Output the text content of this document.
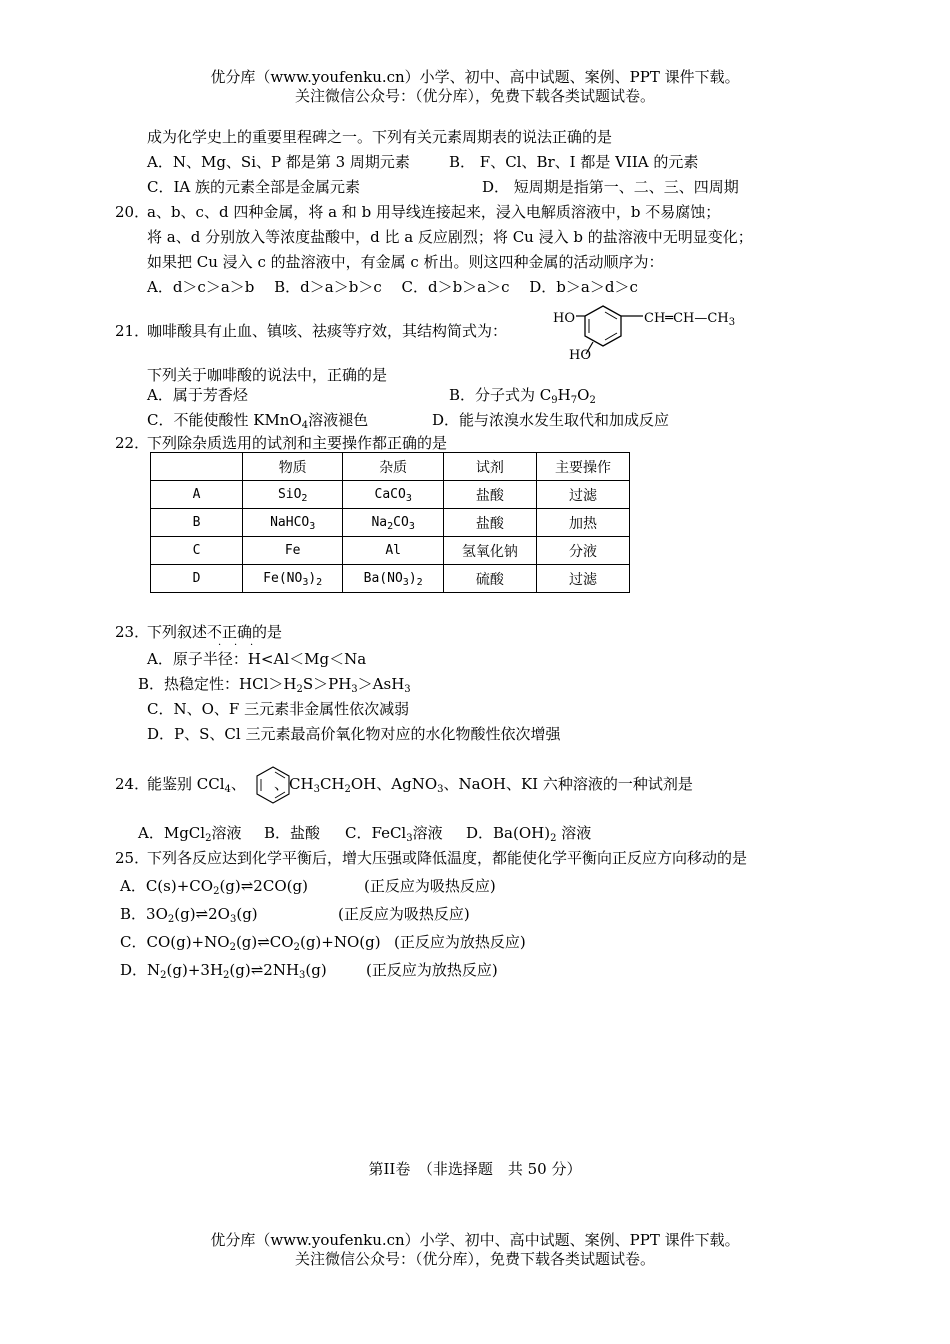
优分库（www.youfenku.cn）小学、初中、高中试题、案例、PPT 课件下载。
关注微信公众号：（优分库），免费下载各类试题试卷。
成为化学史上的重要里程碑之一。下列有关元素周期表的说法正确的是
A．N、Mg、Si、P 都是第 3 周期元素	B． F、Cl、Br、I 都是 VIIA 的元素
C．IA 族的元素全部是金属元素	D． 短周期是指第一、二、三、四周期
20．
a、b、c、d 四种金属，将 a 和 b 用导线连接起来，浸入电解质溶液中，b 不易腐蚀；
将 a、d 分别放入等浓度盐酸中，d 比 a 反应剧烈；将 Cu 浸入 b 的盐溶液中无明显变化；
如果把 Cu 浸入 c 的盐溶液中，有金属 c 析出。则这四种金属的活动顺序为：
A．d＞c＞a＞b　 B．d＞a＞b＞c　 C．d＞b＞a＞c　 D．b＞a＞d＞c
21．
咖啡酸具有止血、镇咳、祛痰等疗效，其结构简式为：
HO
HO
$CH═CH—CH_3$
下列关于咖啡酸的说法中，正确的是
A．属于芳香烃	B．分子式为 $C_9H_7O_2$
C．不能使酸性 KMnO$_4$溶液褪色	D．能与浓溴水发生取代和加成反应
22．
下列除杂质选用的试剂和主要操作都正确的是
	物质	杂质	试剂	主要操作
A	SiO$_2$	CaCO$_3$	盐酸	过滤
B	NaHCO$_3$	$Na_2CO_3$	盐酸	加热
C	Fe	Al	氢氧化钠	分液
D	$Fe(NO_3)_2$	$Ba(NO_3)_2$	硫酸	过滤
23．
下列叙述不正确的是
· · ·
A．原子半径：H<Al＜Mg＜Na
B．热稳定性：$HCl>H_2S>PH_3>AsH_3$
C．N、O、F 三元素非金属性依次减弱
D．P、S、Cl 三元素最高价氧化物对应的水化物酸性依次增强
24．
能鉴别 CCl$_4$、 、$CH_3CH_2OH$、AgNO$_3$、NaOH、KI 六种溶液的一种试剂是
A．MgCl$_2$溶液 B．盐酸 C．FeCl$_3$溶液 D．$Ba(OH)_2$ 溶液
25．
下列各反应达到化学平衡后，增大压强或降低温度，都能使化学平衡向正反应方向移动的是
A．$C(s)+CO_2(g)\rightleftharpoons 2CO(g)$	(正反应为吸热反应)
B．$3O_2(g)\rightleftharpoons 2O_3(g)$	(正反应为吸热反应)
C．$CO(g)+NO_2(g)\rightleftharpoons CO_2(g)+NO(g)$ (正反应为放热反应)
D．$N_2(g)+3H_2(g)\rightleftharpoons 2NH_3(g)$	(正反应为放热反应)
第II卷　（非选择题　共 50 分）
优分库（www.youfenku.cn）小学、初中、高中试题、案例、PPT 课件下载。
关注微信公众号：（优分库），免费下载各类试题试卷。
